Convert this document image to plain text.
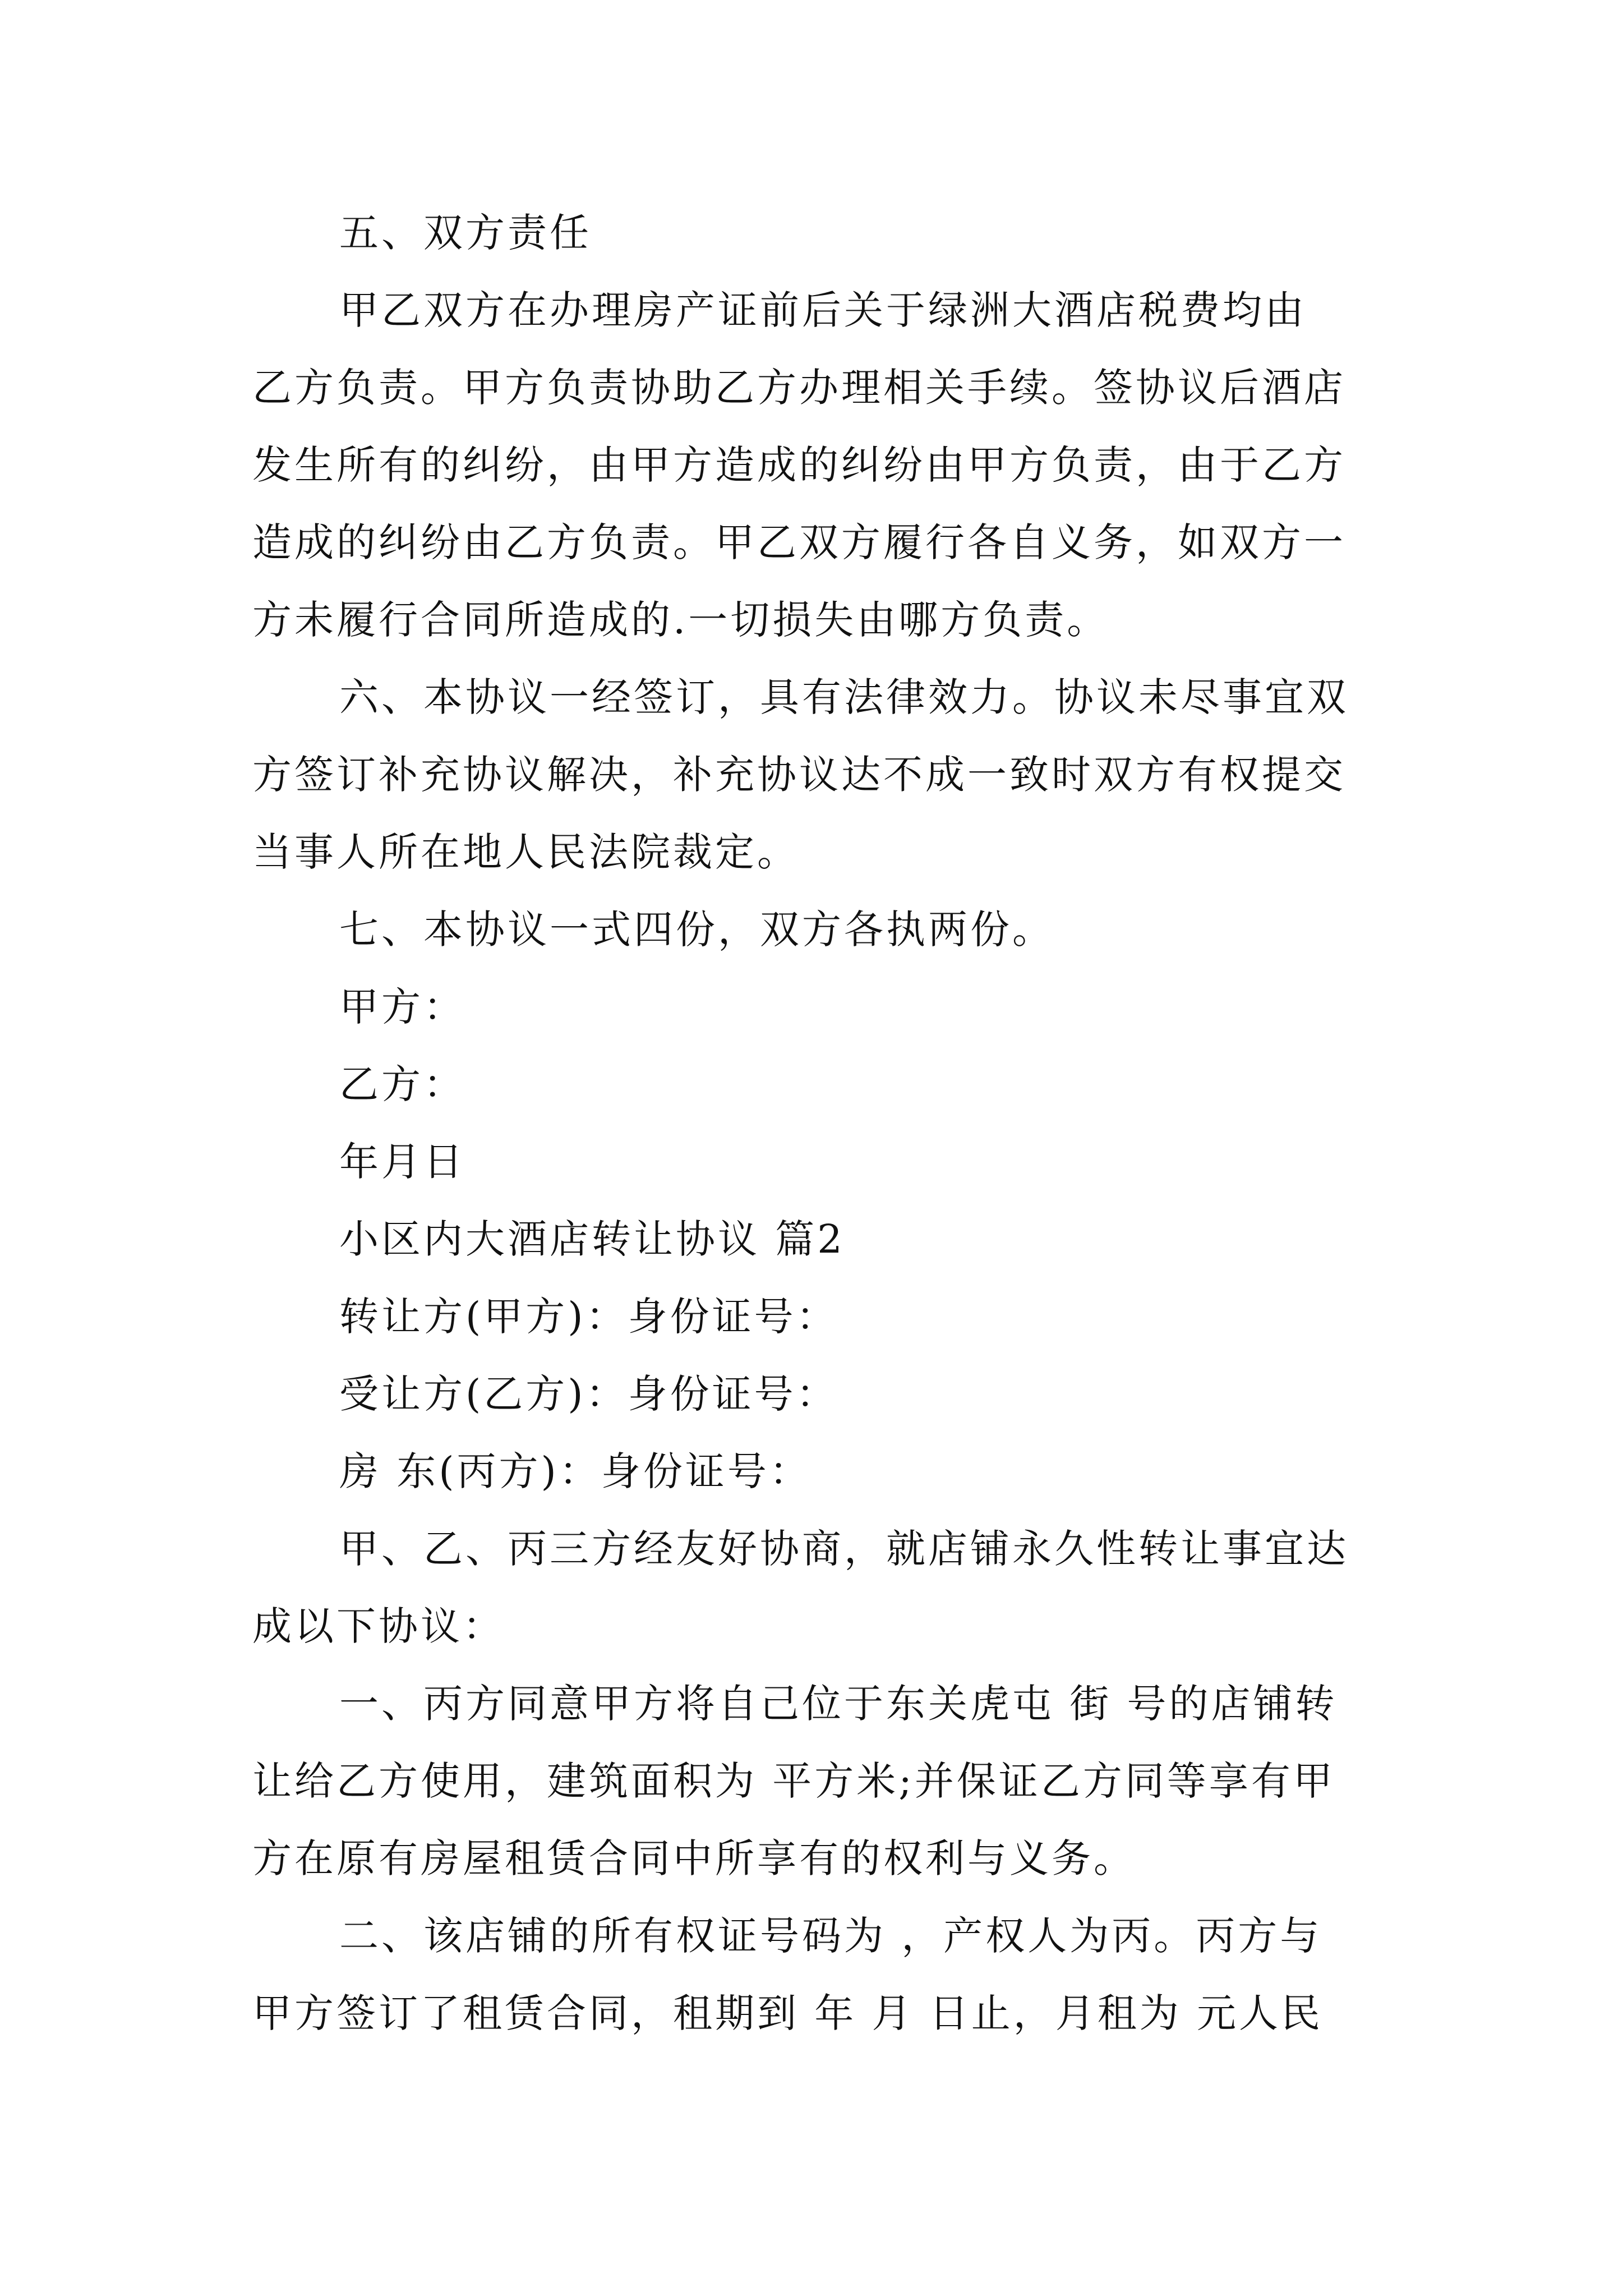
五、双方责任
甲乙双方在办理房产证前后关于绿洲大酒店税费均由
乙方负责。甲方负责协助乙方办理相关手续。签协议后酒店
发生所有的纠纷，由甲方造成的纠纷由甲方负责，由于乙方
造成的纠纷由乙方负责。甲乙双方履行各自义务，如双方一
方未履行合同所造成的.一切损失由哪方负责。
六、本协议一经签订，具有法律效力。协议未尽事宜双
方签订补充协议解决，补充协议达不成一致时双方有权提交
当事人所在地人民法院裁定。
七、本协议一式四份，双方各执两份。
甲方：
乙方：
年月日
小区内大酒店转让协议 篇2
转让方(甲方)：身份证号：
受让方(乙方)：身份证号：
房 东(丙方)：身份证号：
甲、乙、丙三方经友好协商，就店铺永久性转让事宜达
成以下协议：
一、丙方同意甲方将自己位于东关虎屯 街 号的店铺转
让给乙方使用，建筑面积为 平方米;并保证乙方同等享有甲
方在原有房屋租赁合同中所享有的权利与义务。
二、该店铺的所有权证号码为 ，产权人为丙。丙方与
甲方签订了租赁合同，租期到 年 月 日止，月租为 元人民
